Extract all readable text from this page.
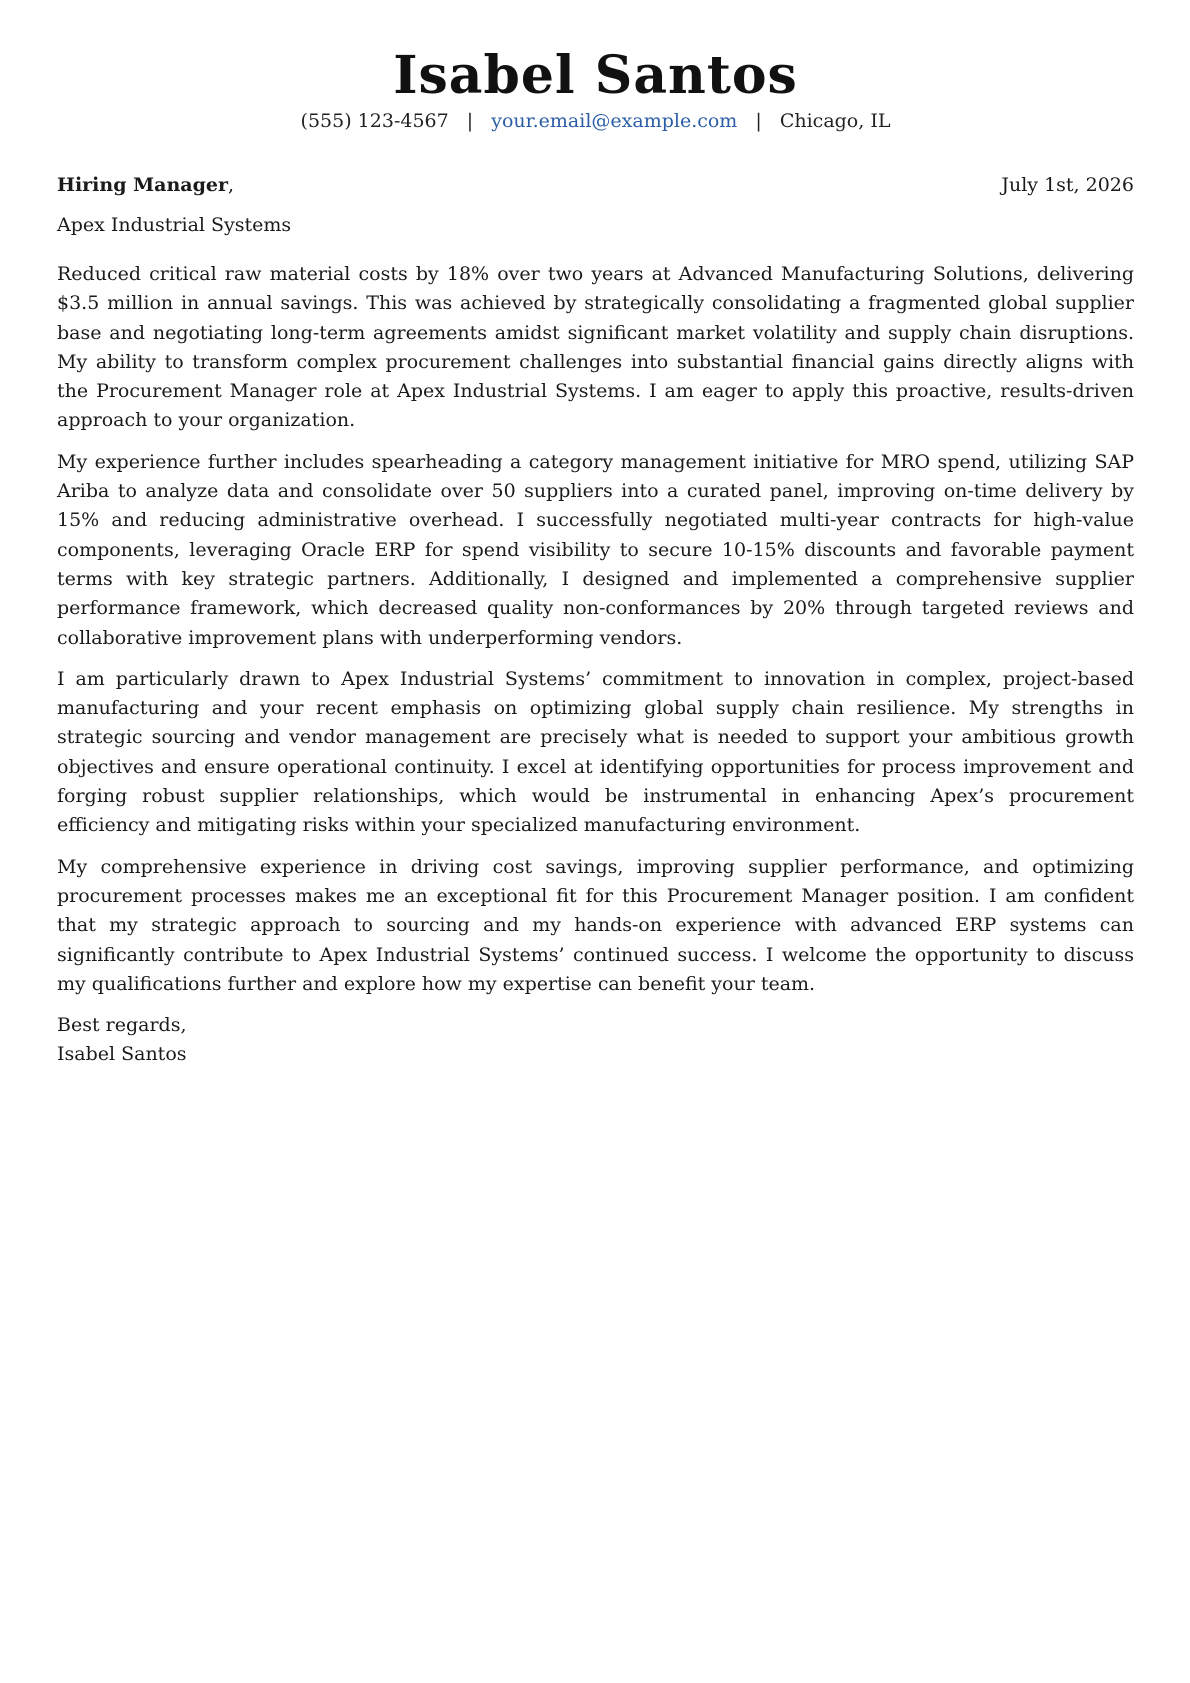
Isabel Santos
(555) 123-4567 | your.email@example.com | Chicago, IL
Hiring Manager,	July 1st, 2026
Apex Industrial Systems

Reduced critical raw material costs by 18% over two years at Advanced Manufacturing Solutions, delivering $3.5 million in annual savings. This was achieved by strategically consolidating a fragmented global supplier base and negotiating long-term agreements amidst significant market volatility and supply chain disruptions. My ability to transform complex procurement challenges into substantial financial gains directly aligns with the Procurement Manager role at Apex Industrial Systems. I am eager to apply this proactive, results-driven approach to your organization.

My experience further includes spearheading a category management initiative for MRO spend, utilizing SAP Ariba to analyze data and consolidate over 50 suppliers into a curated panel, improving on-time delivery by 15% and reducing administrative overhead. I successfully negotiated multi-year contracts for high-value components, leveraging Oracle ERP for spend visibility to secure 10-15% discounts and favorable payment terms with key strategic partners. Additionally, I designed and implemented a comprehensive supplier performance framework, which decreased quality non-conformances by 20% through targeted reviews and collaborative improvement plans with underperforming vendors.

I am particularly drawn to Apex Industrial Systems’ commitment to innovation in complex, project-based manufacturing and your recent emphasis on optimizing global supply chain resilience. My strengths in strategic sourcing and vendor management are precisely what is needed to support your ambitious growth objectives and ensure operational continuity. I excel at identifying opportunities for process improvement and forging robust supplier relationships, which would be instrumental in enhancing Apex’s procurement efficiency and mitigating risks within your specialized manufacturing environment.

My comprehensive experience in driving cost savings, improving supplier performance, and optimizing procurement processes makes me an exceptional fit for this Procurement Manager position. I am confident that my strategic approach to sourcing and my hands-on experience with advanced ERP systems can significantly contribute to Apex Industrial Systems’ continued success. I welcome the opportunity to discuss my qualifications further and explore how my expertise can benefit your team.

Best regards,
Isabel Santos
